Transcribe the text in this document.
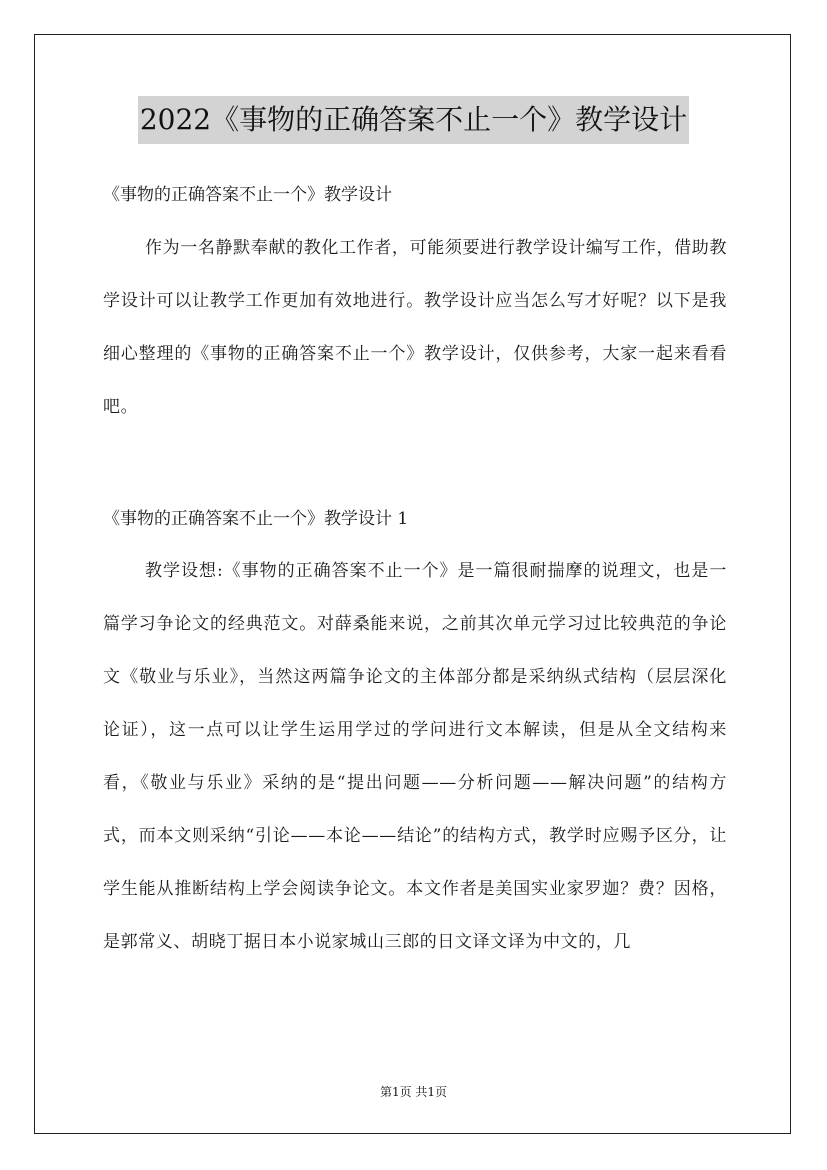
2022《事物的正确答案不止一个》教学设计
《事物的正确答案不止一个》教学设计

作为一名静默奉献的教化工作者，可能须要进行教学设计编写工作，借助教学设计可以让教学工作更加有效地进行。教学设计应当怎么写才好呢？以下是我细心整理的《事物的正确答案不止一个》教学设计，仅供参考，大家一起来看看吧。

《事物的正确答案不止一个》教学设计 1

教学设想:《事物的正确答案不止一个》是一篇很耐揣摩的说理文，也是一篇学习争论文的经典范文。对薛桑能来说，之前其次单元学习过比较典范的争论文《敬业与乐业》，当然这两篇争论文的主体部分都是采纳纵式结构（层层深化论证），这一点可以让学生运用学过的学问进行文本解读，但是从全文结构来看，《敬业与乐业》采纳的是“提出问题——分析问题——解决问题”的结构方式，而本文则采纳“引论——本论——结论”的结构方式，教学时应赐予区分，让学生能从推断结构上学会阅读争论文。本文作者是美国实业家罗迦？费？因格，是郭常义、胡晓丁据日本小说家城山三郎的日文译文译为中文的，几

第1页 共1页
